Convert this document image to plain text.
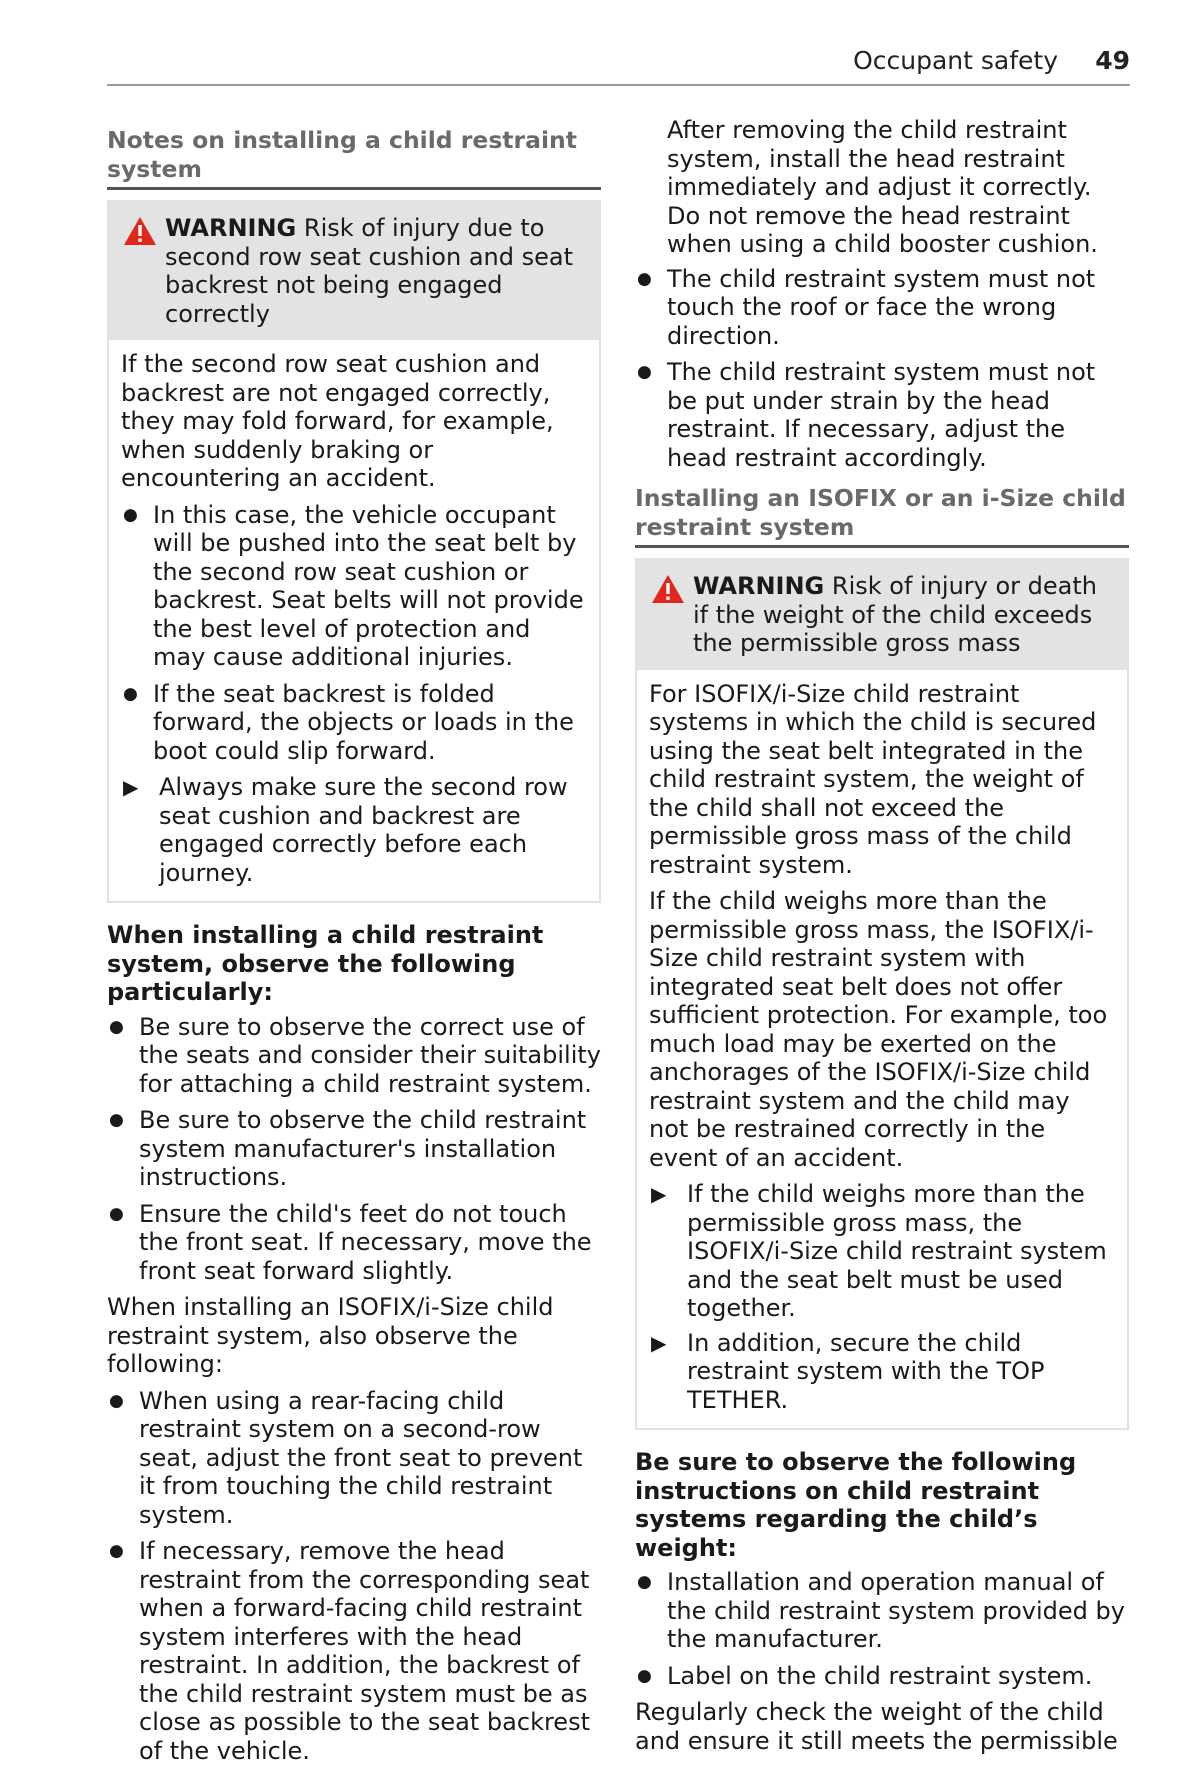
Occupant safety 49
Notes on installing a child restraint system
WARNING Risk of injury due to second row seat cushion and seat backrest not being engaged correctly

If the second row seat cushion and backrest are not engaged correctly, they may fold forward, for example, when suddenly braking or encountering an accident.

● In this case, the vehicle occupant will be pushed into the seat belt by the second row seat cushion or backrest. Seat belts will not provide the best level of protection and may cause additional injuries.
● If the seat backrest is folded forward, the objects or loads in the boot could slip forward.
▶ Always make sure the second row seat cushion and backrest are engaged correctly before each journey.

When installing a child restraint system, observe the following particularly:

● Be sure to observe the correct use of the seats and consider their suitability for attaching a child restraint system.
● Be sure to observe the child restraint system manufacturer's installation instructions.
● Ensure the child's feet do not touch the front seat. If necessary, move the front seat forward slightly.

When installing an ISOFIX/i-Size child restraint system, also observe the following:

● When using a rear-facing child restraint system on a second-row seat, adjust the front seat to prevent it from touching the child restraint system.
● If necessary, remove the head restraint from the corresponding seat when a forward-facing child restraint system interferes with the head restraint. In addition, the backrest of the child restraint system must be as close as possible to the seat backrest of the vehicle.
After removing the child restraint system, install the head restraint immediately and adjust it correctly.
Do not remove the head restraint when using a child booster cushion.
● The child restraint system must not touch the roof or face the wrong direction.
● The child restraint system must not be put under strain by the head restraint. If necessary, adjust the head restraint accordingly.
Installing an ISOFIX or an i-Size child restraint system
WARNING Risk of injury or death if the weight of the child exceeds the permissible gross mass

For ISOFIX/i-Size child restraint systems in which the child is secured using the seat belt integrated in the child restraint system, the weight of the child shall not exceed the permissible gross mass of the child restraint system.

If the child weighs more than the permissible gross mass, the ISOFIX/i-Size child restraint system with integrated seat belt does not offer sufficient protection. For example, too much load may be exerted on the anchorages of the ISOFIX/i-Size child restraint system and the child may not be restrained correctly in the event of an accident.

▶ If the child weighs more than the permissible gross mass, the ISOFIX/i-Size child restraint system and the seat belt must be used together.
▶ In addition, secure the child restraint system with the TOP TETHER.

Be sure to observe the following instructions on child restraint systems regarding the child’s weight:

● Installation and operation manual of the child restraint system provided by the manufacturer.
● Label on the child restraint system.

Regularly check the weight of the child and ensure it still meets the permissible
